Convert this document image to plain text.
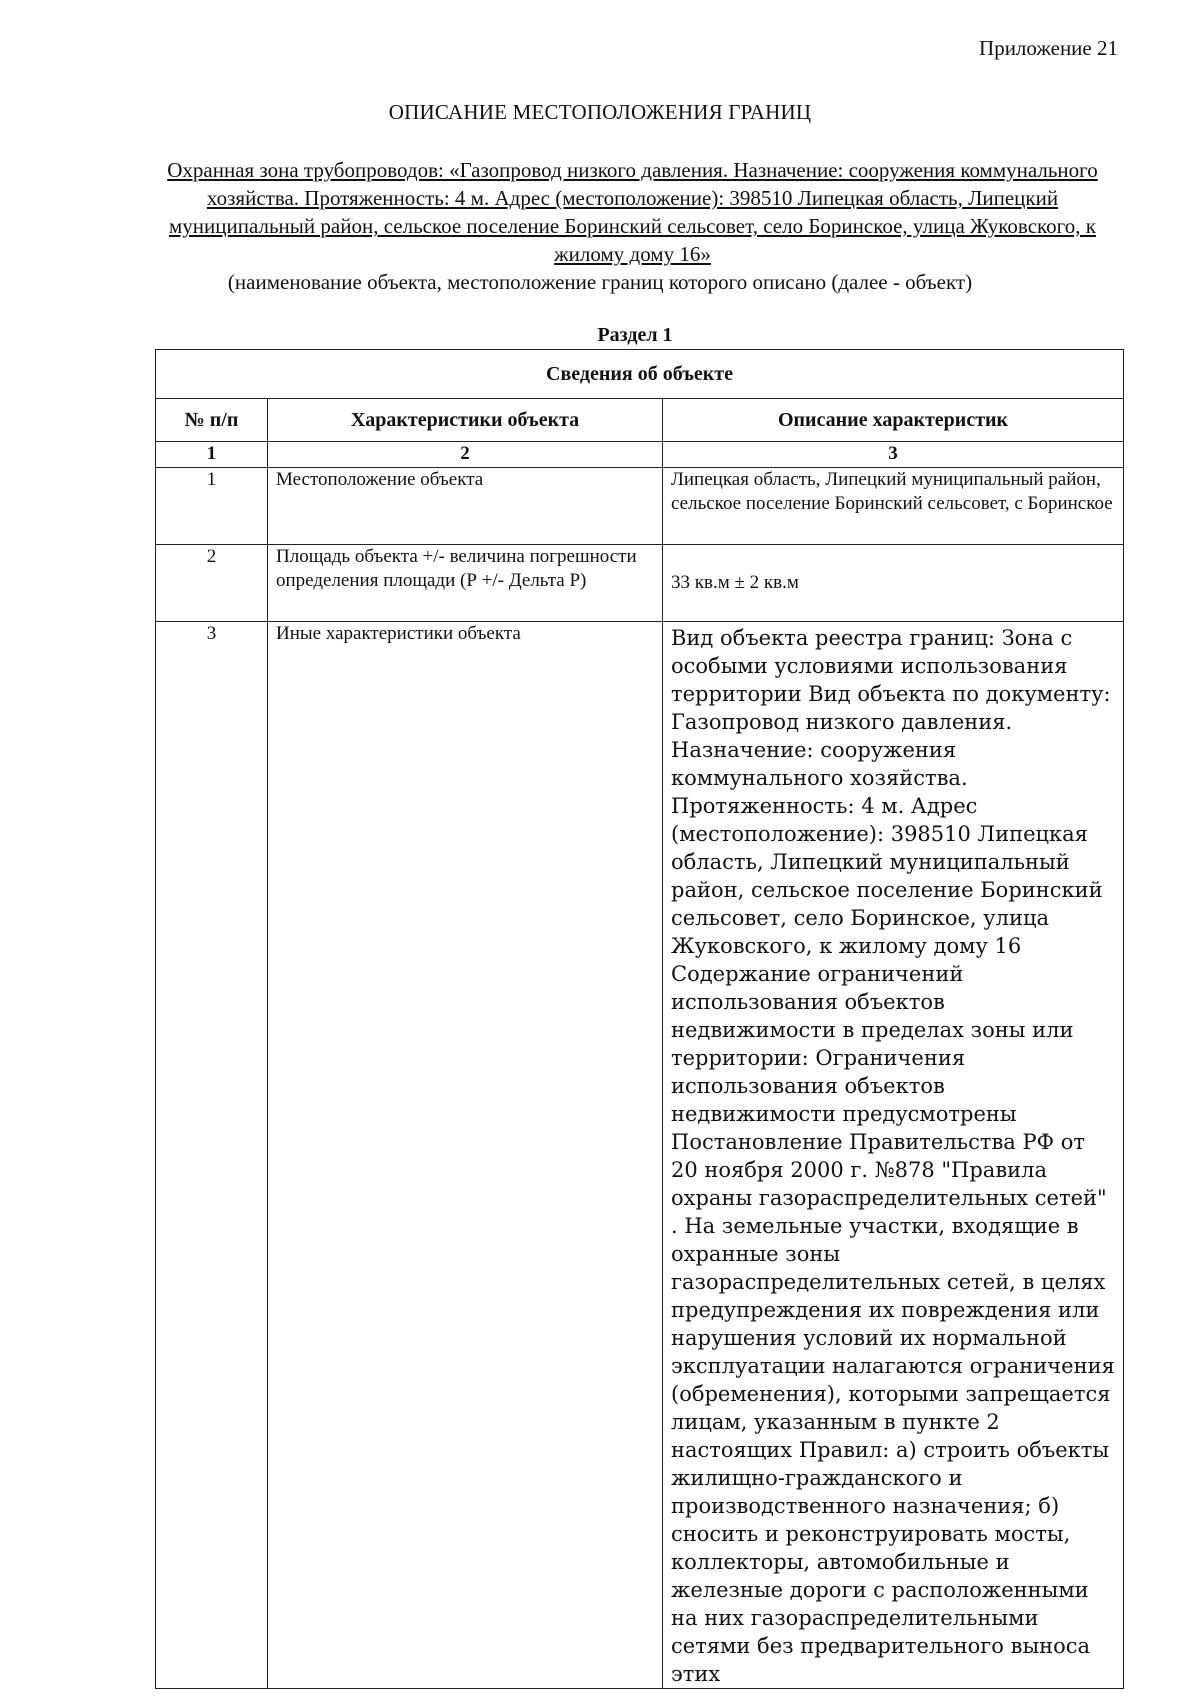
Приложение 21
ОПИСАНИЕ МЕСТОПОЛОЖЕНИЯ ГРАНИЦ
Охранная зона трубопроводов: «Газопровод низкого давления. Назначение: сооружения коммунального хозяйства. Протяженность: 4 м. Адрес (местоположение): 398510 Липецкая область, Липецкий муниципальный район, сельское поселение Боринский сельсовет, село Боринское, улица Жуковского, к жилому дому 16»
(наименование объекта, местоположение границ которого описано (далее - объект)
Раздел 1
Сведения об объекте		
№ п/п	Характеристики объекта	Описание характеристик
1	2	3
1	Местоположение объекта	Липецкая область, Липецкий муниципальный район, сельское поселение Боринский сельсовет, с Боринское
2	Площадь объекта +/- величина погрешности определения площади (Р +/- Дельта Р)	33 кв.м ± 2 кв.м
3	Иные характеристики объекта	Вид объекта реестра границ: Зона с особыми условиями использования территории Вид объекта по документу: Газопровод низкого давления. Назначение: сооружения коммунального хозяйства. Протяженность: 4 м. Адрес (местоположение): 398510 Липецкая область, Липецкий муниципальный район, сельское поселение Боринский сельсовет, село Боринское, улица Жуковского, к жилому дому 16 Содержание ограничений использования объектов недвижимости в пределах зоны или территории: Ограничения использования объектов недвижимости предусмотрены Постановление Правительства РФ от 20 ноября 2000 г. №878 "Правила охраны газораспределительных сетей" . На земельные участки, входящие в охранные зоны газораспределительных сетей, в целях предупреждения их повреждения или нарушения условий их нормальной эксплуатации налагаются ограничения (обременения), которыми запрещается лицам, указанным в пункте 2 настоящих Правил: а) строить объекты жилищно-гражданского и производственного назначения; б) сносить и реконструировать мосты, коллекторы, автомобильные и железные дороги с расположенными на них газораспределительными сетями без предварительного выноса этих
